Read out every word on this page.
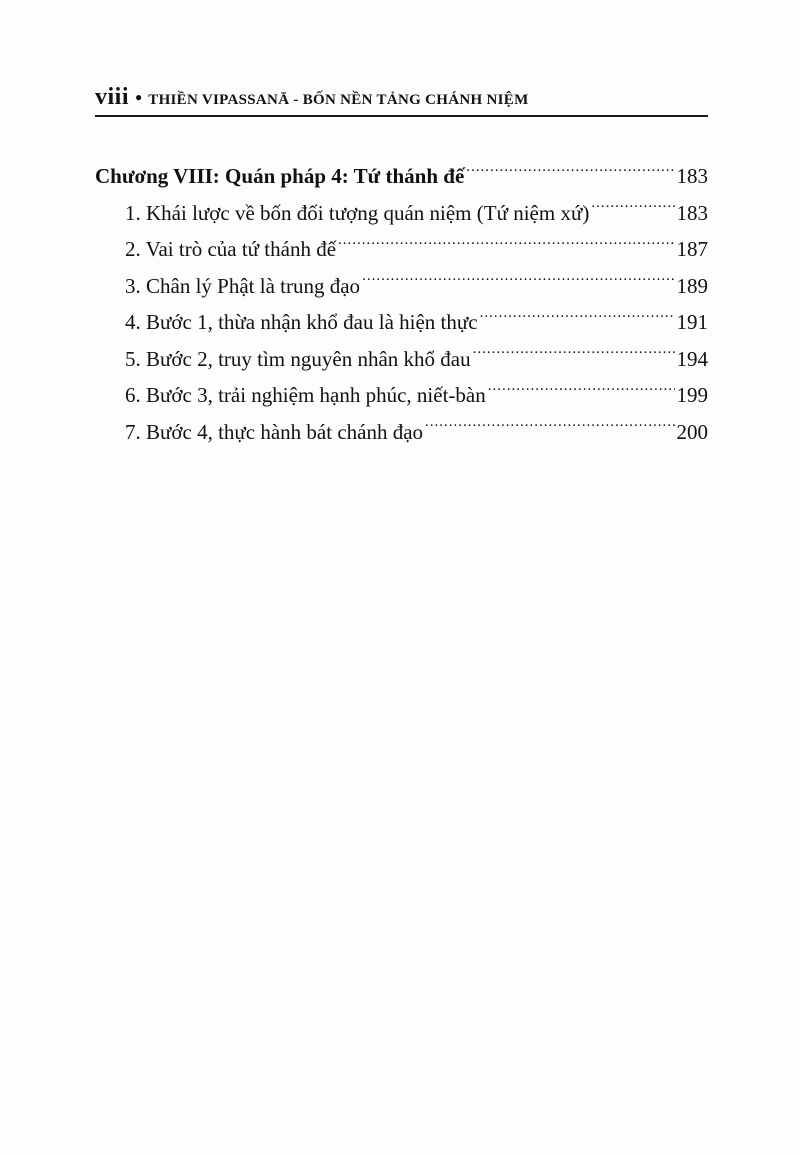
viii ● THIỀN VIPASSANĀ - BỐN NỀN TẢNG CHÁNH NIỆM
Chương VIII: Quán pháp 4: Tứ thánh đế .....	183
1. Khái lược về bốn đối tượng quán niệm (Tứ niệm xứ) .....	183
2. Vai trò của tứ thánh đế .....	187
3. Chân lý Phật là trung đạo .....	189
4. Bước 1, thừa nhận khổ đau là hiện thực .....	191
5. Bước 2, truy tìm nguyên nhân khổ đau .....	194
6. Bước 3, trải nghiệm hạnh phúc, niết-bàn .....	199
7. Bước 4, thực hành bát chánh đạo .....	200
